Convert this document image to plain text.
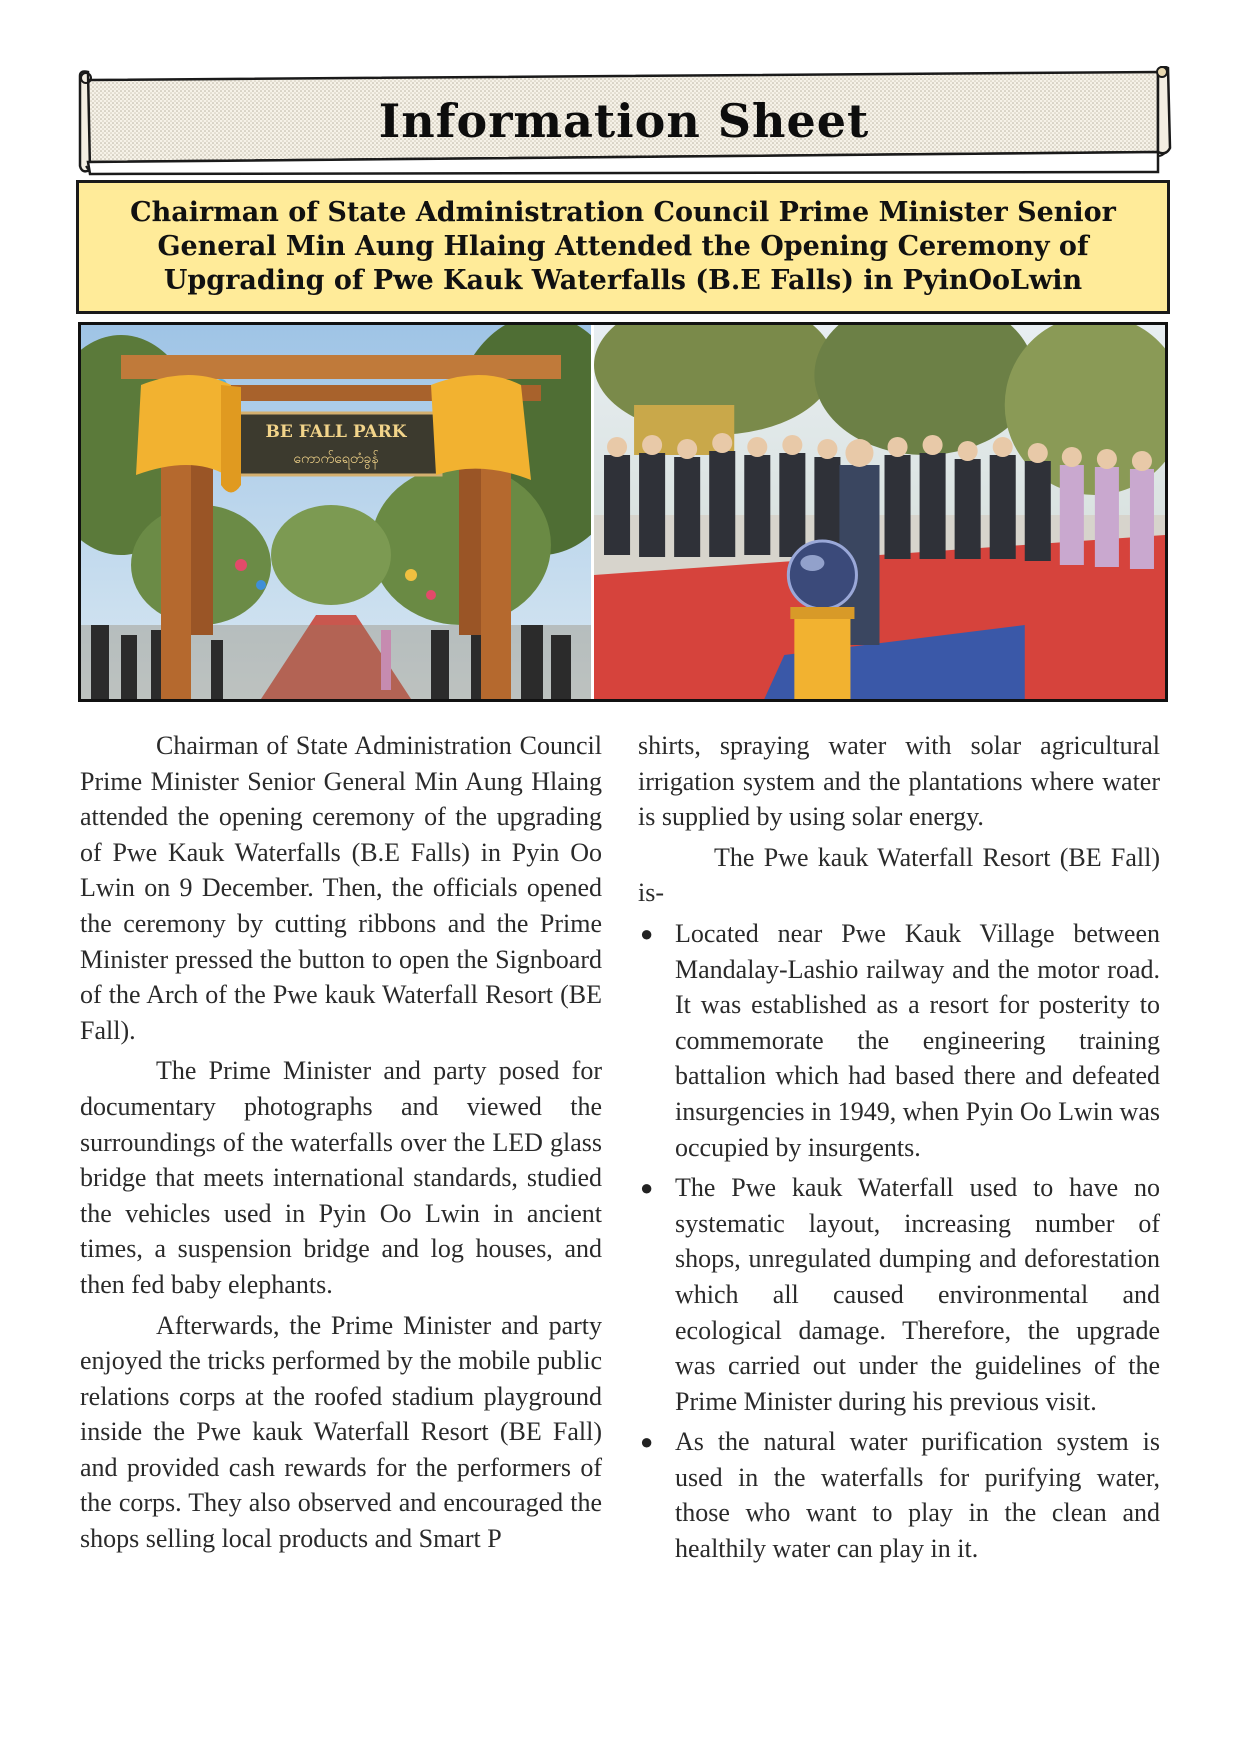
Information Sheet
Chairman of State Administration Council Prime Minister Senior General Min Aung Hlaing Attended the Opening Ceremony of Upgrading of Pwe Kauk Waterfalls (B.E Falls) in PyinOoLwin
BE FALL PARK
ကောက်ရေတံခွန်

Chairman of State Administration Council Prime Minister Senior General Min Aung Hlaing attended the opening ceremony of the upgrading of Pwe Kauk Waterfalls (B.E Falls) in Pyin Oo Lwin on 9 December. Then, the officials opened the ceremony by cutting ribbons and the Prime Minister pressed the button to open the Signboard of the Arch of the Pwe kauk Waterfall Resort (BE Fall).

The Prime Minister and party posed for documentary photographs and viewed the surroundings of the waterfalls over the LED glass bridge that meets international standards, studied the vehicles used in Pyin Oo Lwin in ancient times, a suspension bridge and log houses, and then fed baby elephants.

Afterwards, the Prime Minister and party enjoyed the tricks performed by the mobile public relations corps at the roofed stadium playground inside the Pwe kauk Waterfall Resort (BE Fall) and provided cash rewards for the performers of the corps. They also observed and encouraged the shops selling local products and Smart P

shirts, spraying water with solar agricultural irrigation system and the plantations where water is supplied by using solar energy.

The Pwe kauk Waterfall Resort (BE Fall) is-

● Located near Pwe Kauk Village between Mandalay-Lashio railway and the motor road. It was established as a resort for posterity to commemorate the engineering training battalion which had based there and defeated insurgencies in 1949, when Pyin Oo Lwin was occupied by insurgents.
● The Pwe kauk Waterfall used to have no systematic layout, increasing number of shops, unregulated dumping and deforestation which all caused environmental and ecological damage. Therefore, the upgrade was carried out under the guidelines of the Prime Minister during his previous visit.
● As the natural water purification system is used in the waterfalls for purifying water, those who want to play in the clean and healthily water can play in it.
